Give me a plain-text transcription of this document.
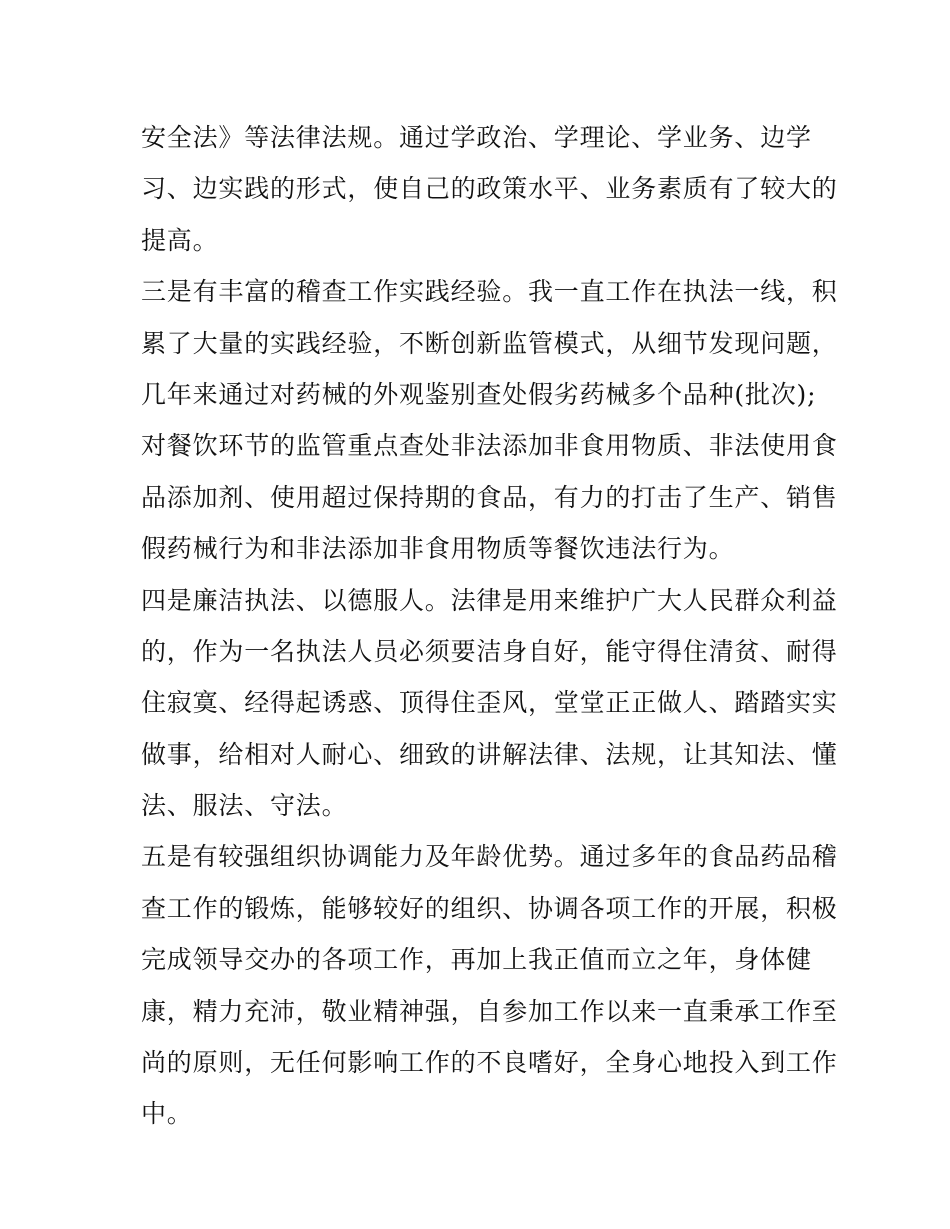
安全法》等法律法规。通过学政治、学理论、学业务、边学
习、边实践的形式，使自己的政策水平、业务素质有了较大的
提高。
三是有丰富的稽查工作实践经验。我一直工作在执法一线，积
累了大量的实践经验，不断创新监管模式，从细节发现问题，
几年来通过对药械的外观鉴别查处假劣药械多个品种(批次);
对餐饮环节的监管重点查处非法添加非食用物质、非法使用食
品添加剂、使用超过保持期的食品，有力的打击了生产、销售
假药械行为和非法添加非食用物质等餐饮违法行为。
四是廉洁执法、以德服人。法律是用来维护广大人民群众利益
的，作为一名执法人员必须要洁身自好，能守得住清贫、耐得
住寂寞、经得起诱惑、顶得住歪风，堂堂正正做人、踏踏实实
做事，给相对人耐心、细致的讲解法律、法规，让其知法、懂
法、服法、守法。
五是有较强组织协调能力及年龄优势。通过多年的食品药品稽
查工作的锻炼，能够较好的组织、协调各项工作的开展，积极
完成领导交办的各项工作，再加上我正值而立之年，身体健
康，精力充沛，敬业精神强，自参加工作以来一直秉承工作至
尚的原则，无任何影响工作的不良嗜好，全身心地投入到工作
中。
